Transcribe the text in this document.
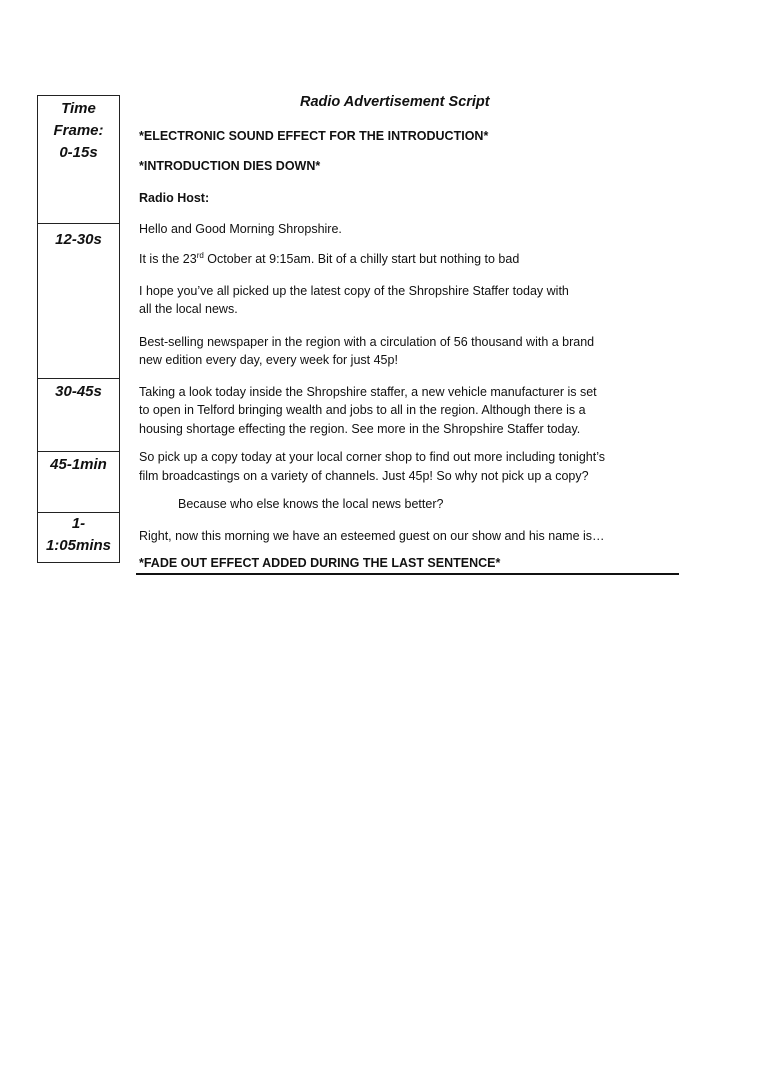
Time
Frame:
0-15s
12-30s
30-45s
45-1min
1-
1:05mins
Radio Advertisement Script
*ELECTRONIC SOUND EFFECT FOR THE INTRODUCTION*
*INTRODUCTION DIES DOWN*
Radio Host:
Hello and Good Morning Shropshire.
It is the 23rd October at 9:15am. Bit of a chilly start but nothing to bad
I hope you’ve all picked up the latest copy of the Shropshire Staffer today with
all the local news.
Best-selling newspaper in the region with a circulation of 56 thousand with a brand
new edition every day, every week for just 45p!
Taking a look today inside the Shropshire staffer, a new vehicle manufacturer is set
to open in Telford bringing wealth and jobs to all in the region. Although there is a
housing shortage effecting the region. See more in the Shropshire Staffer today.
So pick up a copy today at your local corner shop to find out more including tonight’s
film broadcastings on a variety of channels. Just 45p! So why not pick up a copy?
Because who else knows the local news better?
Right, now this morning we have an esteemed guest on our show and his name is…
*FADE OUT EFFECT ADDED DURING THE LAST SENTENCE*
